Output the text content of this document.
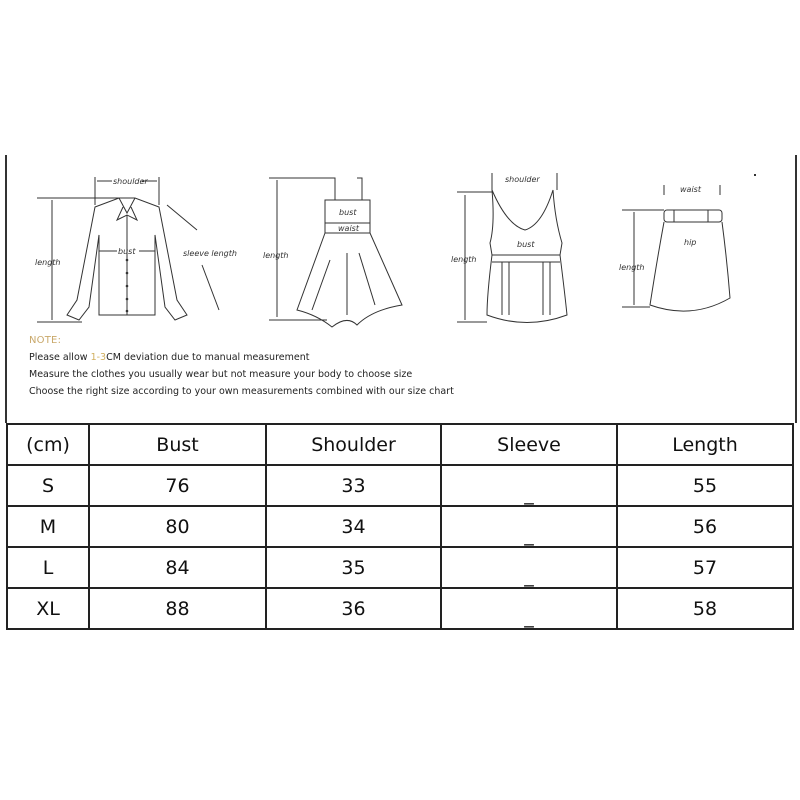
shoulder
bust	sleeve length
length
bust
waist
length
shoulder
bust
length
waist
hip
length

NOTE:

Please allow 1-3CM deviation due to manual measurement

Measure the clothes you usually wear but not measure your body to choose size

Choose the right size according to your own measurements combined with our size chart

(cm)	Bust	Shoulder	Sleeve	Length
S	76	33	_	55
M	80	34	_	56
L	84	35	_	57
XL	88	36	_	58
